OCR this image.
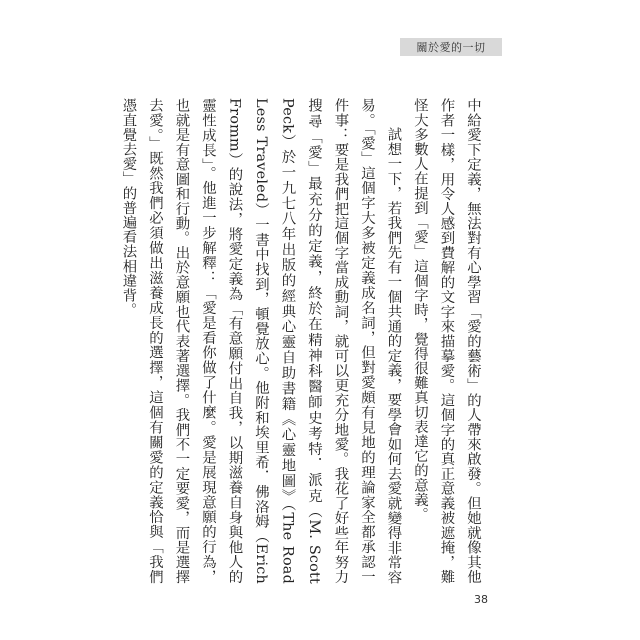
關於愛的一切

中給愛下定義，無法對有心學習「愛的藝術」的人帶來啟發。但她就像其他作者一樣，用令人感到費解的文字來描摹愛。這個字的真正意義被遮掩，難怪大多數人在提到「愛」這個字時，覺得很難真切表達它的意義。

試想一下，若我們先有一個共通的定義，要學會如何去愛就變得非常容易。「愛」這個字大多被定義成名詞，但對愛頗有見地的理論家全都承認一件事：要是我們把這個字當成動詞，就可以更充分地愛。我花了好些年努力搜尋「愛」最充分的定義，終於在精神科醫師史考特．派克（M. Scott Peck）於一九七八年出版的經典心靈自助書籍《心靈地圖》（The Road Less Traveled）一書中找到，頓覺放心。他附和埃里希．佛洛姆（Erich Fromm）的說法，將愛定義為「有意願付出自我，以期滋養自身與他人的靈性成長」。他進一步解釋：「愛是看你做了什麼。愛是展現意願的行為，也就是有意圖和行動。出於意願也代表著選擇。我們不一定要愛，而是選擇去愛。」既然我們必須做出滋養成長的選擇，這個有關愛的定義恰與「我們憑直覺去愛」的普遍看法相違背。

38
